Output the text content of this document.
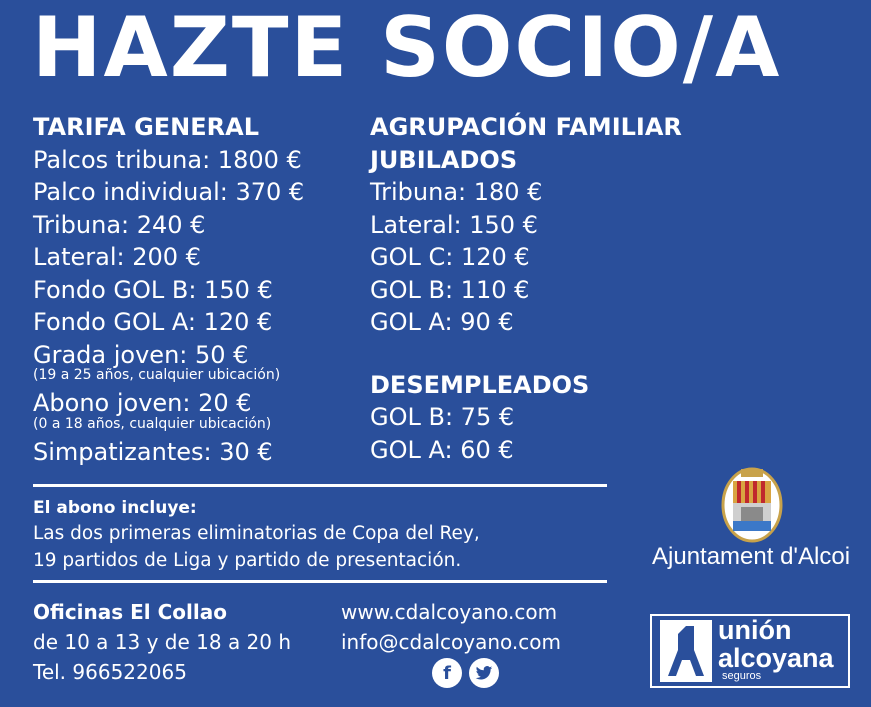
HAZTE SOCIO/A
TARIFA GENERAL
Palcos tribuna: 1800 €
Palco individual: 370 €
Tribuna: 240 €
Lateral: 200 €
Fondo GOL B: 150 €
Fondo GOL A: 120 €
Grada joven: 50 €
(19 a 25 años, cualquier ubicación)
Abono joven: 20 €
(0 a 18 años, cualquier ubicación)
Simpatizantes: 30 €
AGRUPACIÓN FAMILIAR
JUBILADOS
Tribuna: 180 €
Lateral: 150 €
GOL C: 120 €
GOL B: 110 €
GOL A: 90 €
DESEMPLEADOS
GOL B: 75 €
GOL A: 60 €
El abono incluye:
Las dos primeras eliminatorias de Copa del Rey,
19 partidos de Liga y partido de presentación.
Oficinas El Collao
de 10 a 13 y de 18 a 20 h
Tel. 966522065
www.cdalcoyano.com
info@cdalcoyano.com
f
Ajuntament d'Alcoi
unión
alcoyana
seguros
